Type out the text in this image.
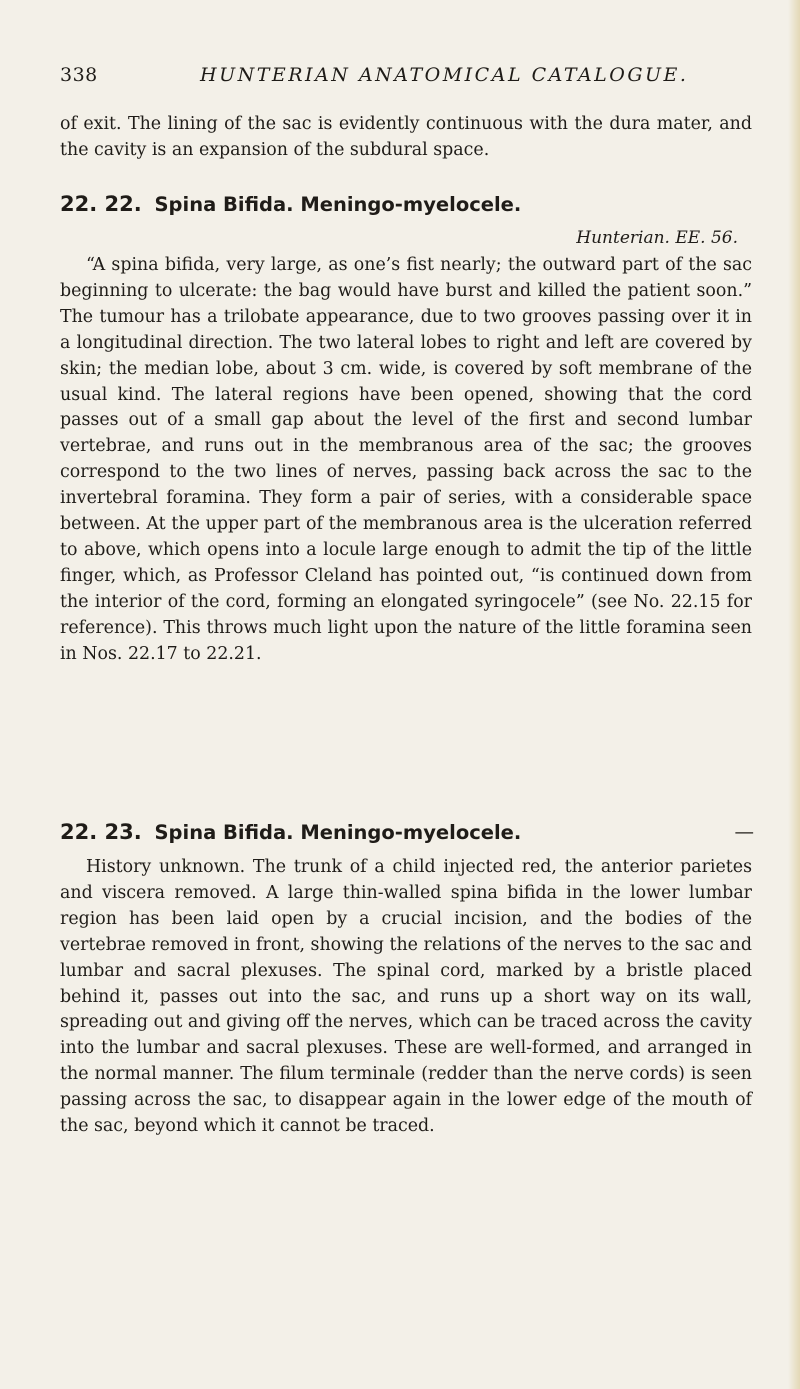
338	HUNTERIAN ANATOMICAL CATALOGUE.

of exit. The lining of the sac is evidently continuous with the dura mater, and the cavity is an expansion of the subdural space.

22. 22. Spina Bifida. Meningo-myelocele.
Hunterian. EE. 56.

“A spina bifida, very large, as one’s fist nearly; the outward part of the sac beginning to ulcerate: the bag would have burst and killed the patient soon.” The tumour has a trilobate appearance, due to two grooves passing over it in a longitudinal direction. The two lateral lobes to right and left are covered by skin; the median lobe, about 3 cm. wide, is covered by soft membrane of the usual kind. The lateral regions have been opened, showing that the cord passes out of a small gap about the level of the first and second lumbar vertebrae, and runs out in the membranous area of the sac; the grooves correspond to the two lines of nerves, passing back across the sac to the invertebral foramina. They form a pair of series, with a considerable space between. At the upper part of the membranous area is the ulceration referred to above, which opens into a locule large enough to admit the tip of the little finger, which, as Professor Cleland has pointed out, “is continued down from the interior of the cord, forming an elongated syringocele” (see No. 22.15 for reference). This throws much light upon the nature of the little foramina seen in Nos. 22.17 to 22.21.

22. 23. Spina Bifida. Meningo-myelocele.	—

History unknown. The trunk of a child injected red, the anterior parietes and viscera removed. A large thin-walled spina bifida in the lower lumbar region has been laid open by a crucial incision, and the bodies of the vertebrae removed in front, showing the relations of the nerves to the sac and lumbar and sacral plexuses. The spinal cord, marked by a bristle placed behind it, passes out into the sac, and runs up a short way on its wall, spreading out and giving off the nerves, which can be traced across the cavity into the lumbar and sacral plexuses. These are well-formed, and arranged in the normal manner. The filum terminale (redder than the nerve cords) is seen passing across the sac, to disappear again in the lower edge of the mouth of the sac, beyond which it cannot be traced.
